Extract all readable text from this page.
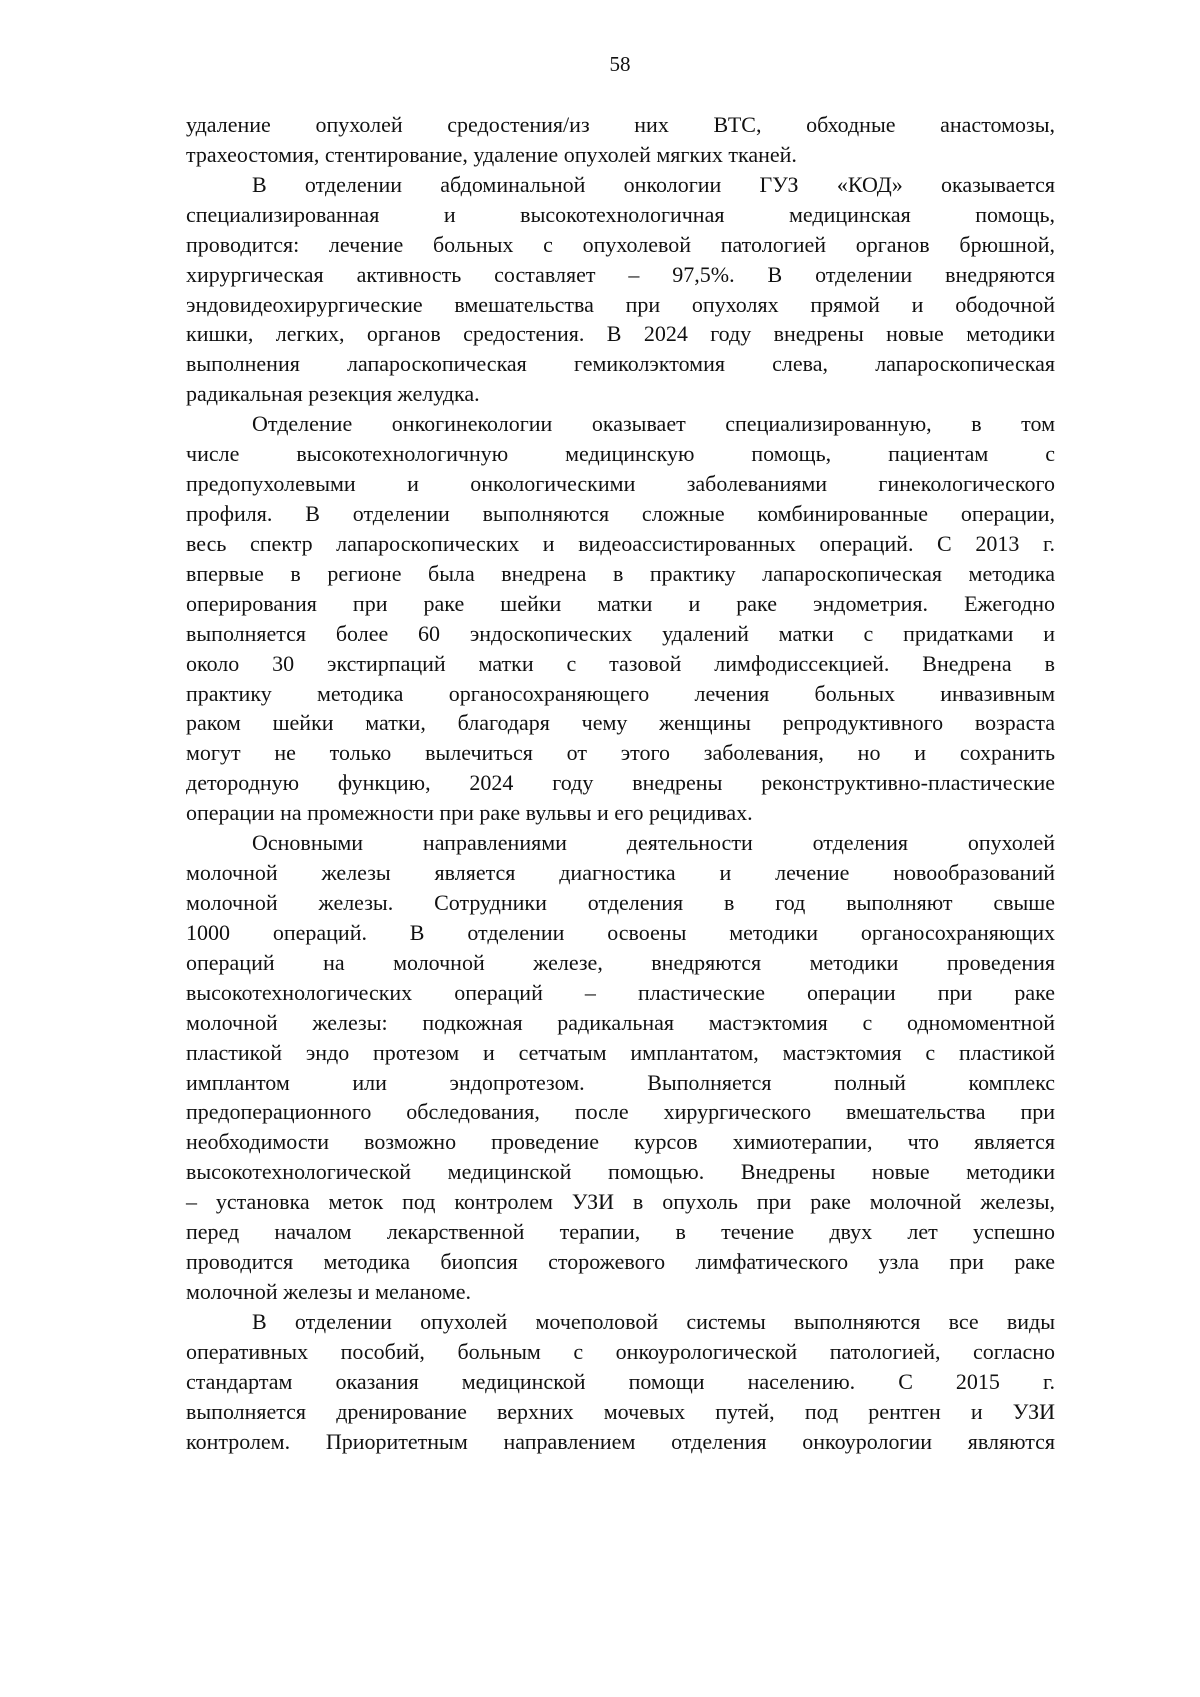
58
удаление опухолей средостения/из них ВТС, обходные анастомозы,
трахеостомия, стентирование, удаление опухолей мягких тканей.
В отделении абдоминальной онкологии ГУЗ «КОД» оказывается
специализированная и высокотехнологичная медицинская помощь,
проводится: лечение больных с опухолевой патологией органов брюшной,
хирургическая активность составляет – 97,5%. В отделении внедряются
эндовидеохирургические вмешательства при опухолях прямой и ободочной
кишки, легких, органов средостения. В 2024 году внедрены новые методики
выполнения лапароскопическая гемиколэктомия слева, лапароскопическая
радикальная резекция желудка.
Отделение онкогинекологии оказывает специализированную, в том
числе высокотехнологичную медицинскую помощь, пациентам с
предопухолевыми и онкологическими заболеваниями гинекологического
профиля. В отделении выполняются сложные комбинированные операции,
весь спектр лапароскопических и видеоассистированных операций. С 2013 г.
впервые в регионе была внедрена в практику лапароскопическая методика
оперирования при раке шейки матки и раке эндометрия. Ежегодно
выполняется более 60 эндоскопических удалений матки с придатками и
около 30 экстирпаций матки с тазовой лимфодиссекцией. Внедрена в
практику методика органосохраняющего лечения больных инвазивным
раком шейки матки, благодаря чему женщины репродуктивного возраста
могут не только вылечиться от этого заболевания, но и сохранить
детородную функцию, 2024 году внедрены реконструктивно-пластические
операции на промежности при раке вульвы и его рецидивах.
Основными направлениями деятельности отделения опухолей
молочной железы является диагностика и лечение новообразований
молочной железы. Сотрудники отделения в год выполняют свыше
1000 операций. В отделении освоены методики органосохраняющих
операций на молочной железе, внедряются методики проведения
высокотехнологических операций – пластические операции при раке
молочной железы: подкожная радикальная мастэктомия с одномоментной
пластикой эндо протезом и сетчатым имплантатом, мастэктомия с пластикой
имплантом или эндопротезом. Выполняется полный комплекс
предоперационного обследования, после хирургического вмешательства при
необходимости возможно проведение курсов химиотерапии, что является
высокотехнологической медицинской помощью. Внедрены новые методики
– установка меток под контролем УЗИ в опухоль при раке молочной железы,
перед началом лекарственной терапии, в течение двух лет успешно
проводится методика биопсия сторожевого лимфатического узла при раке
молочной железы и меланоме.
В отделении опухолей мочеполовой системы выполняются все виды
оперативных пособий, больным с онкоурологической патологией, согласно
стандартам оказания медицинской помощи населению. С 2015 г.
выполняется дренирование верхних мочевых путей, под рентген и УЗИ
контролем. Приоритетным направлением отделения онкоурологии являются
